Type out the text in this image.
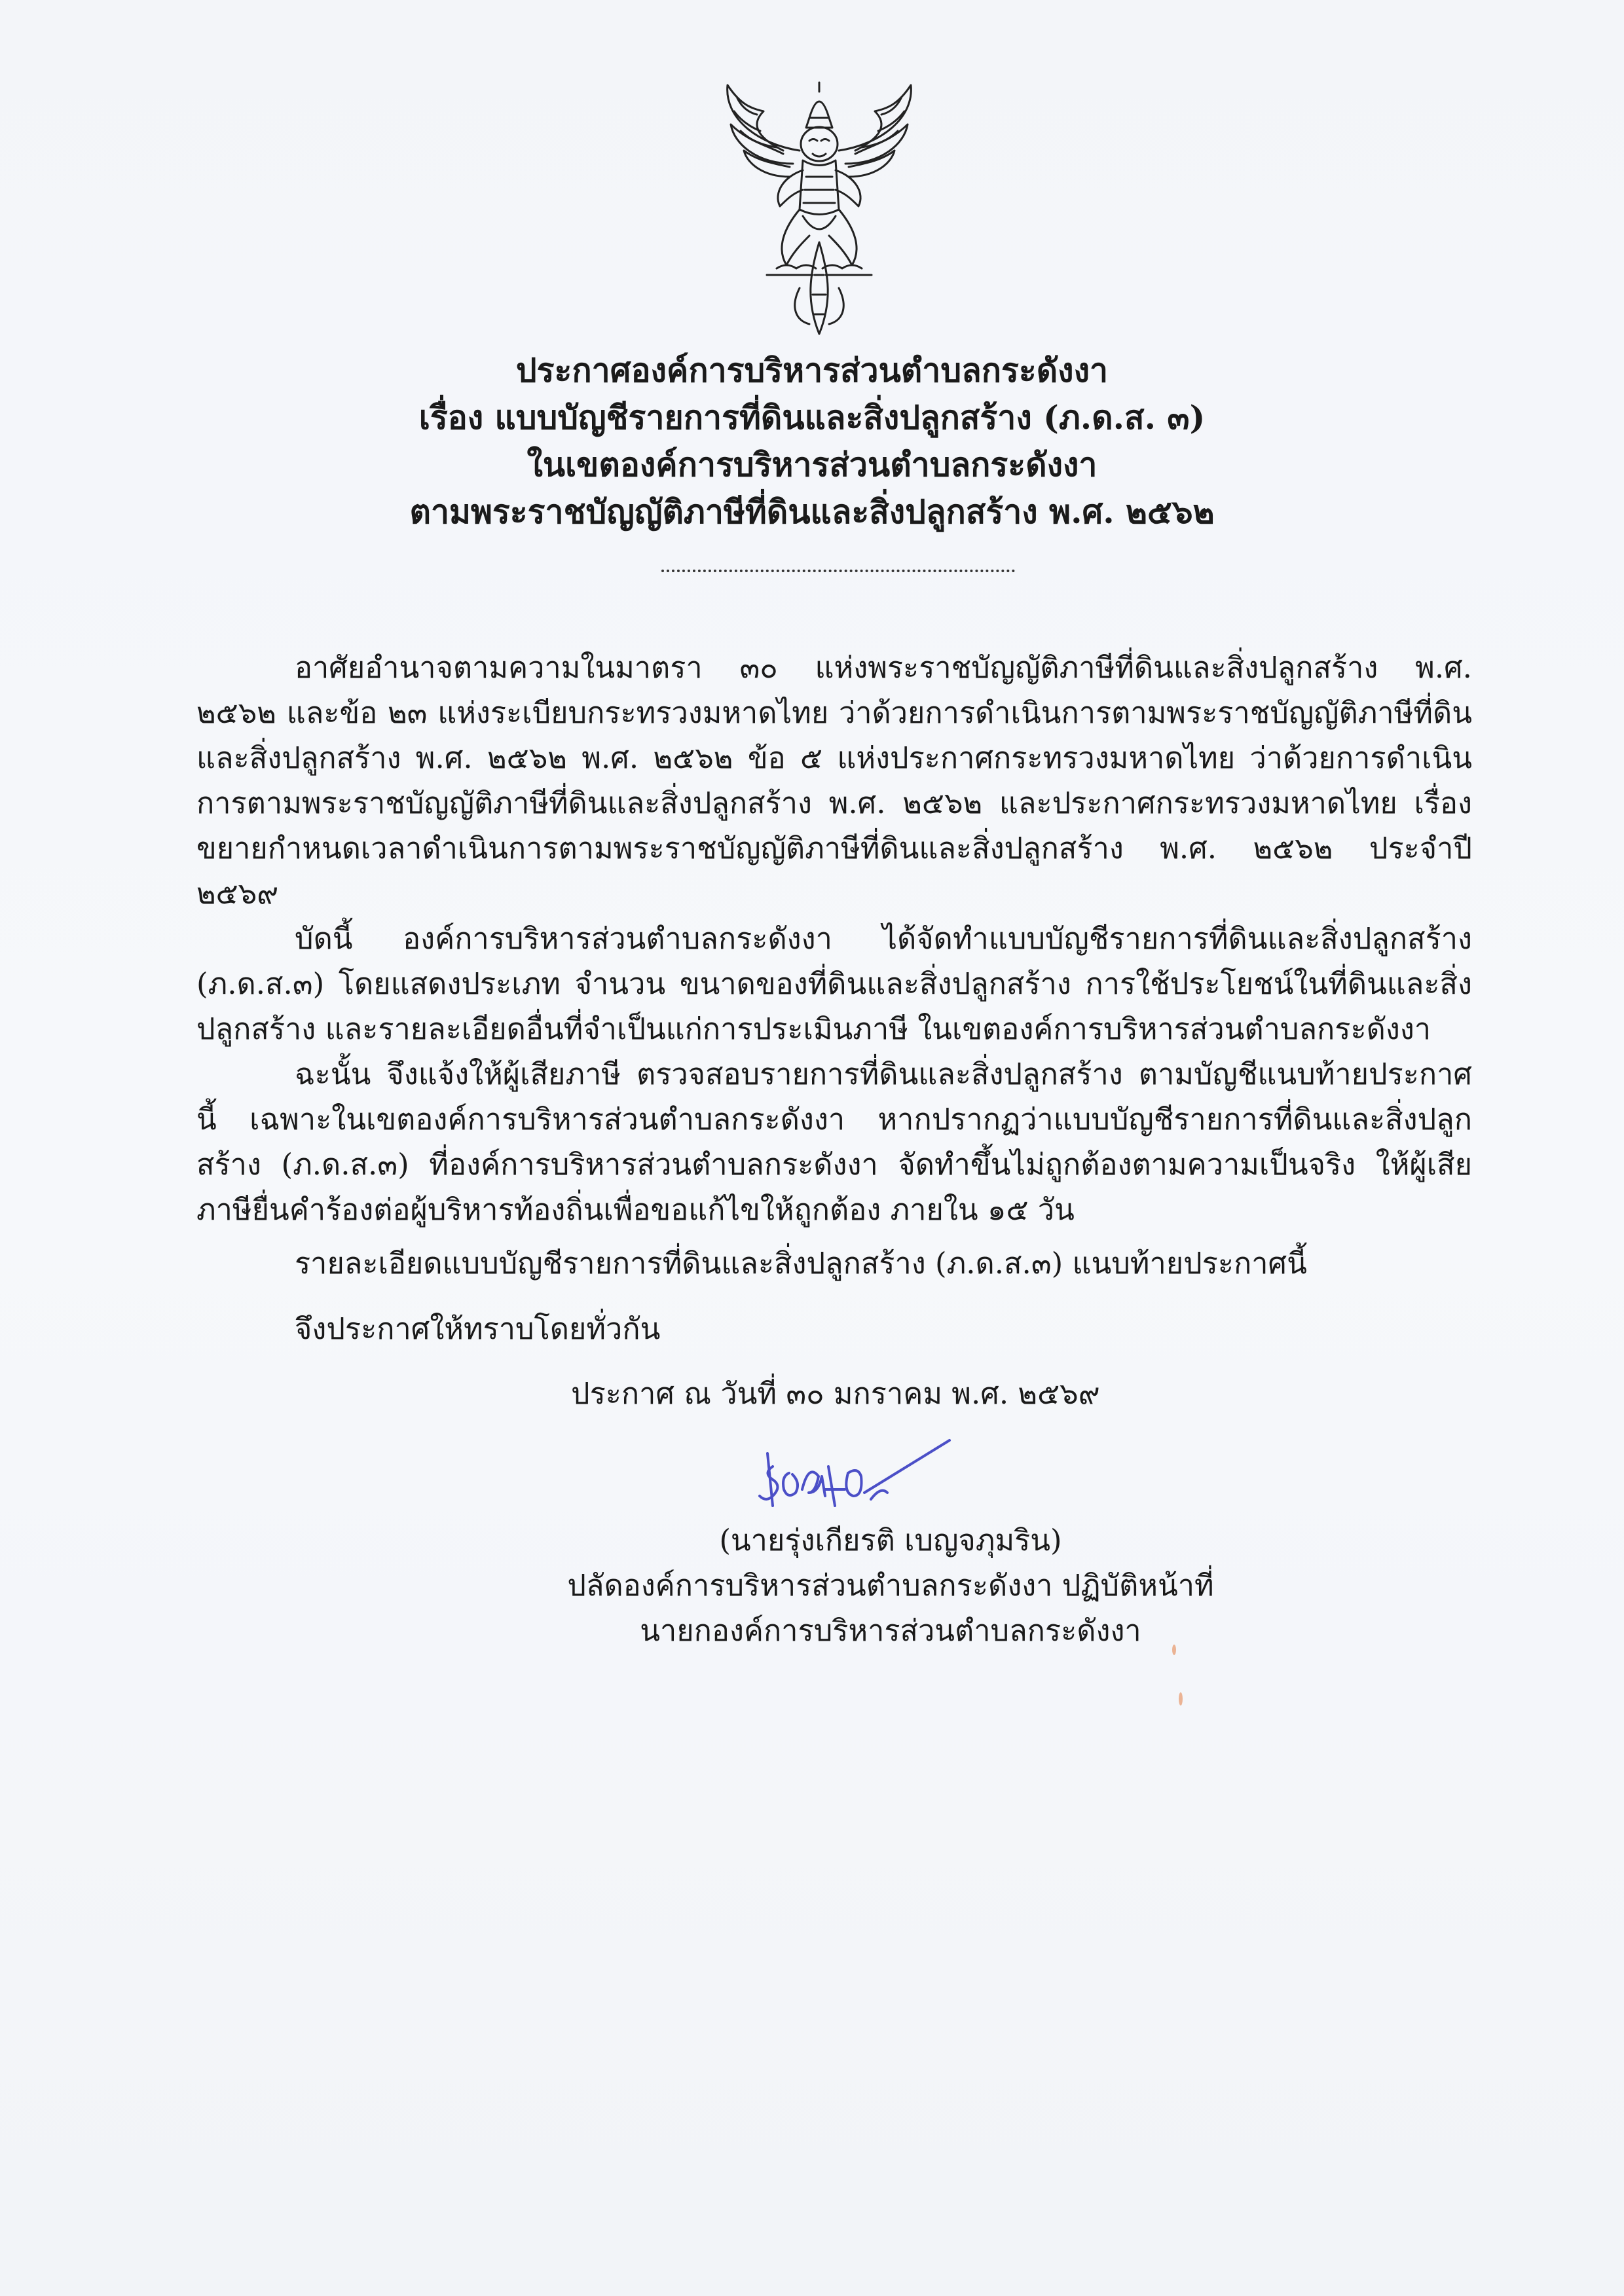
ประกาศองค์การบริหารส่วนตำบลกระดังงา
เรื่อง แบบบัญชีรายการที่ดินและสิ่งปลูกสร้าง (ภ.ด.ส. ๓)
ในเขตองค์การบริหารส่วนตำบลกระดังงา
ตามพระราชบัญญัติภาษีที่ดินและสิ่งปลูกสร้าง พ.ศ. ๒๕๖๒

อาศัยอำนาจตามความในมาตรา ๓๐ แห่งพระราชบัญญัติภาษีที่ดินและสิ่งปลูกสร้าง พ.ศ. ๒๕๖๒ และข้อ ๒๓ แห่งระเบียบกระทรวงมหาดไทย ว่าด้วยการดำเนินการตามพระราชบัญญัติภาษีที่ดินและสิ่งปลูกสร้าง พ.ศ. ๒๕๖๒ พ.ศ. ๒๕๖๒ ข้อ ๕ แห่งประกาศกระทรวงมหาดไทย ว่าด้วยการดำเนินการตามพระราชบัญญัติภาษีที่ดินและสิ่งปลูกสร้าง พ.ศ. ๒๕๖๒ และประกาศกระทรวงมหาดไทย เรื่อง ขยายกำหนดเวลาดำเนินการตามพระราชบัญญัติภาษีที่ดินและสิ่งปลูกสร้าง พ.ศ. ๒๕๖๒ ประจำปี ๒๕๖๙

บัดนี้ องค์การบริหารส่วนตำบลกระดังงา ได้จัดทำแบบบัญชีรายการที่ดินและสิ่งปลูกสร้าง (ภ.ด.ส.๓) โดยแสดงประเภท จำนวน ขนาดของที่ดินและสิ่งปลูกสร้าง การใช้ประโยชน์ในที่ดินและสิ่งปลูกสร้าง และรายละเอียดอื่นที่จำเป็นแก่การประเมินภาษี ในเขตองค์การบริหารส่วนตำบลกระดังงา

ฉะนั้น จึงแจ้งให้ผู้เสียภาษี ตรวจสอบรายการที่ดินและสิ่งปลูกสร้าง ตามบัญชีแนบท้ายประกาศนี้ เฉพาะในเขตองค์การบริหารส่วนตำบลกระดังงา หากปรากฏว่าแบบบัญชีรายการที่ดินและสิ่งปลูกสร้าง (ภ.ด.ส.๓) ที่องค์การบริหารส่วนตำบลกระดังงา จัดทำขึ้นไม่ถูกต้องตามความเป็นจริง ให้ผู้เสียภาษียื่นคำร้องต่อผู้บริหารท้องถิ่นเพื่อขอแก้ไขให้ถูกต้อง ภายใน ๑๕ วัน

รายละเอียดแบบบัญชีรายการที่ดินและสิ่งปลูกสร้าง (ภ.ด.ส.๓) แนบท้ายประกาศนี้
จึงประกาศให้ทราบโดยทั่วกัน
ประกาศ ณ วันที่ ๓๐ มกราคม พ.ศ. ๒๕๖๙
(นายรุ่งเกียรติ เบญจภุมริน)
ปลัดองค์การบริหารส่วนตำบลกระดังงา ปฏิบัติหน้าที่
นายกองค์การบริหารส่วนตำบลกระดังงา
